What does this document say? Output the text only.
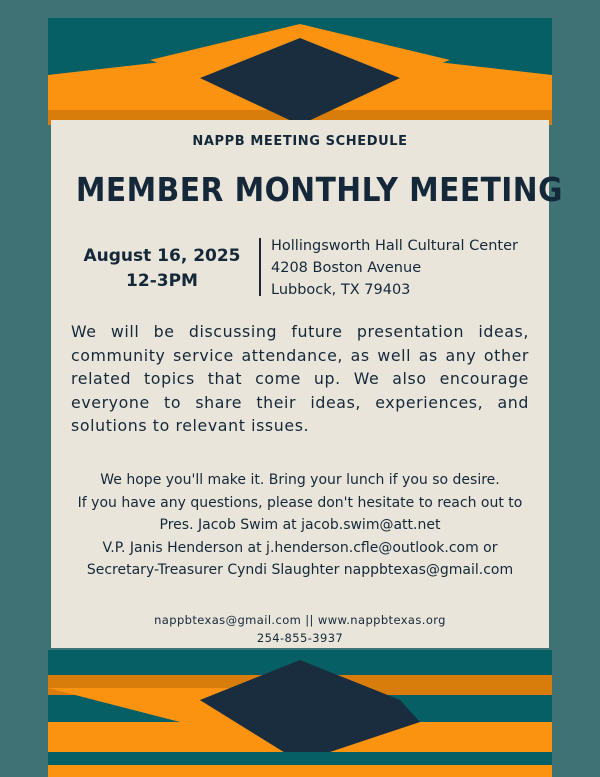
NAPPB MEETING SCHEDULE
MEMBER MONTHLY MEETING
August 16, 2025
12-3PM
Hollingsworth Hall Cultural Center
4208 Boston Avenue
Lubbock, TX 79403
We will be discussing future presentation ideas, community service attendance, as well as any other related topics that come up. We also encourage everyone to share their ideas, experiences, and solutions to relevant issues.
We hope you'll make it. Bring your lunch if you so desire.
If you have any questions, please don't hesitate to reach out to
Pres. Jacob Swim at jacob.swim@att.net
V.P. Janis Henderson at j.henderson.cfle@outlook.com or
Secretary-Treasurer Cyndi Slaughter nappbtexas@gmail.com
nappbtexas@gmail.com || www.nappbtexas.org
254-855-3937
